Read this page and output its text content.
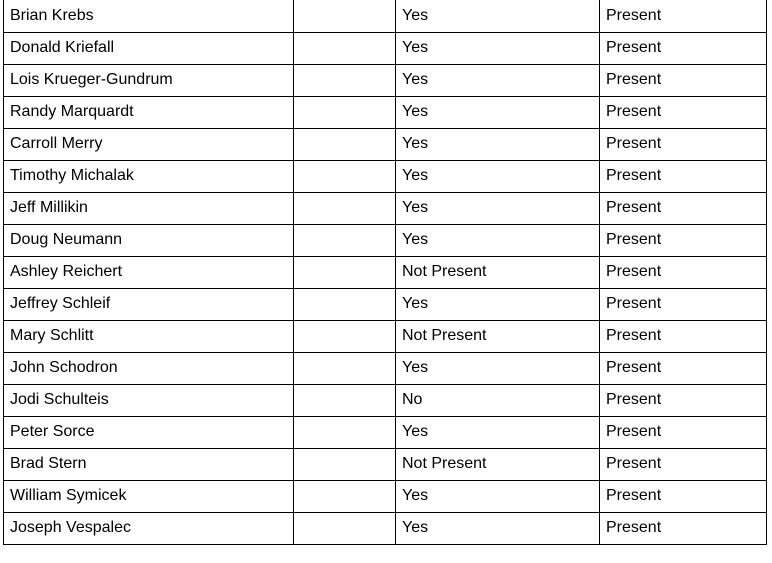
Brian Krebs		Yes	Present
Donald Kriefall		Yes	Present
Lois Krueger-Gundrum		Yes	Present
Randy Marquardt		Yes	Present
Carroll Merry		Yes	Present
Timothy Michalak		Yes	Present
Jeff Millikin		Yes	Present
Doug Neumann		Yes	Present
Ashley Reichert		Not Present	Present
Jeffrey Schleif		Yes	Present
Mary Schlitt		Not Present	Present
John Schodron		Yes	Present
Jodi Schulteis		No	Present
Peter Sorce		Yes	Present
Brad Stern		Not Present	Present
William Symicek		Yes	Present
Joseph Vespalec		Yes	Present
